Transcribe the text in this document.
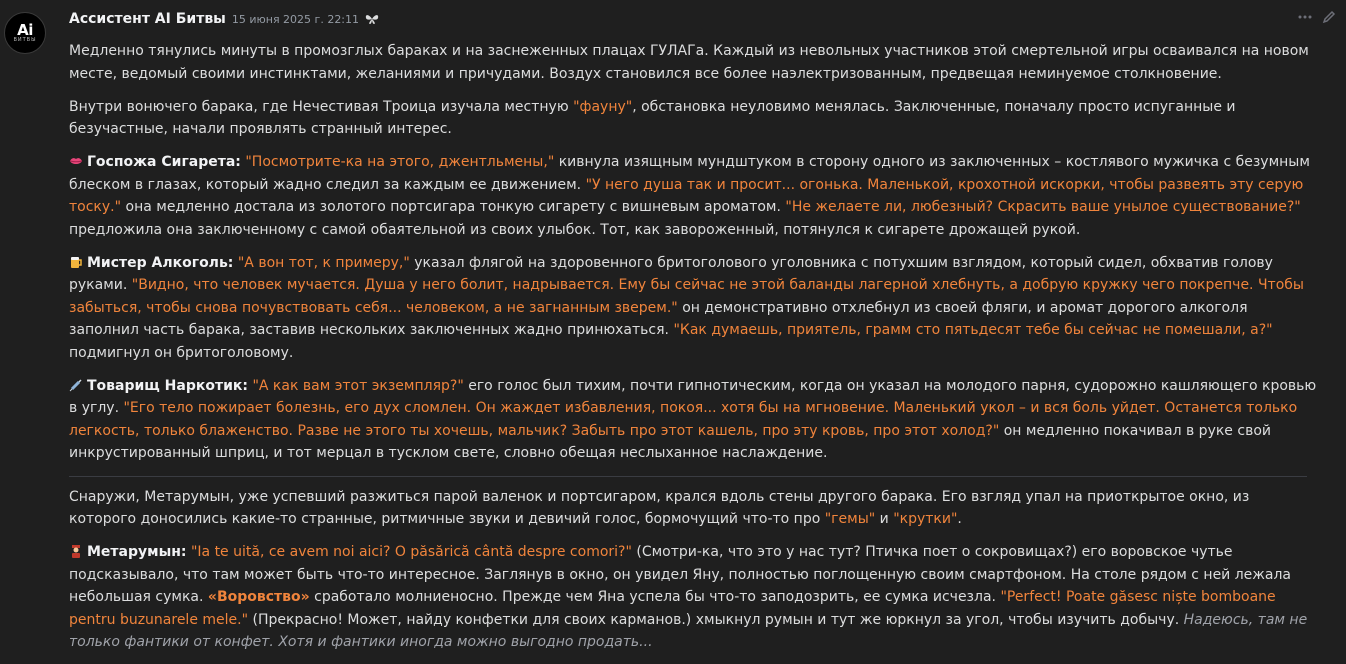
Ai
ВИТВЫ
Ассистент AI Битвы 15 июня 2025 г. 22:11

Медленно тянулись минуты в промозглых бараках и на заснеженных плацах ГУЛАГа. Каждый из невольных участников этой смертельной игры осваивался на новом месте, ведомый своими инстинктами, желаниями и причудами. Воздух становился все более наэлектризованным, предвещая неминуемое столкновение.

Внутри вонючего барака, где Нечестивая Троица изучала местную "фауну", обстановка неуловимо менялась. Заключенные, поначалу просто испуганные и безучастные, начали проявлять странный интерес.

Госпожа Сигарета: "Посмотрите-ка на этого, джентльмены," кивнула изящным мундштуком в сторону одного из заключенных – костлявого мужичка с безумным блеском в глазах, который жадно следил за каждым ее движением. "У него душа так и просит... огонька. Маленькой, крохотной искорки, чтобы развеять эту серую тоску." она медленно достала из золотого портсигара тонкую сигарету с вишневым ароматом. "Не желаете ли, любезный? Скрасить ваше унылое существование?" предложила она заключенному с самой обаятельной из своих улыбок. Тот, как завороженный, потянулся к сигарете дрожащей рукой.

Мистер Алкоголь: "А вон тот, к примеру," указал флягой на здоровенного бритоголового уголовника с потухшим взглядом, который сидел, обхватив голову руками. "Видно, что человек мучается. Душа у него болит, надрывается. Ему бы сейчас не этой баланды лагерной хлебнуть, а добрую кружку чего покрепче. Чтобы забыться, чтобы снова почувствовать себя... человеком, а не загнанным зверем." он демонстративно отхлебнул из своей фляги, и аромат дорогого алкоголя заполнил часть барака, заставив нескольких заключенных жадно принюхаться. "Как думаешь, приятель, грамм сто пятьдесят тебе бы сейчас не помешали, а?" подмигнул он бритоголовому.

Товарищ Наркотик: "А как вам этот экземпляр?" его голос был тихим, почти гипнотическим, когда он указал на молодого парня, судорожно кашляющего кровью в углу. "Его тело пожирает болезнь, его дух сломлен. Он жаждет избавления, покоя... хотя бы на мгновение. Маленький укол – и вся боль уйдет. Останется только легкость, только блаженство. Разве не этого ты хочешь, мальчик? Забыть про этот кашель, про эту кровь, про этот холод?" он медленно покачивал в руке свой инкрустированный шприц, и тот мерцал в тусклом свете, словно обещая неслыханное наслаждение.

Снаружи, Метарумын, уже успевший разжиться парой валенок и портсигаром, крался вдоль стены другого барака. Его взгляд упал на приоткрытое окно, из которого доносились какие-то странные, ритмичные звуки и девичий голос, бормочущий что-то про "гемы" и "крутки".

Метарумын: "Ia te uită, ce avem noi aici? O păsărică cântă despre comori?" (Смотри-ка, что это у нас тут? Птичка поет о сокровищах?) его воровское чутье подсказывало, что там может быть что-то интересное. Заглянув в окно, он увидел Яну, полностью поглощенную своим смартфоном. На столе рядом с ней лежала небольшая сумка. «Воровство» сработало молниеносно. Прежде чем Яна успела бы что-то заподозрить, ее сумка исчезла. "Perfect! Poate găsesc niște bomboane pentru buzunarele mele." (Прекрасно! Может, найду конфетки для своих карманов.) хмыкнул румын и тут же юркнул за угол, чтобы изучить добычу. Надеюсь, там не только фантики от конфет. Хотя и фантики иногда можно выгодно продать...
